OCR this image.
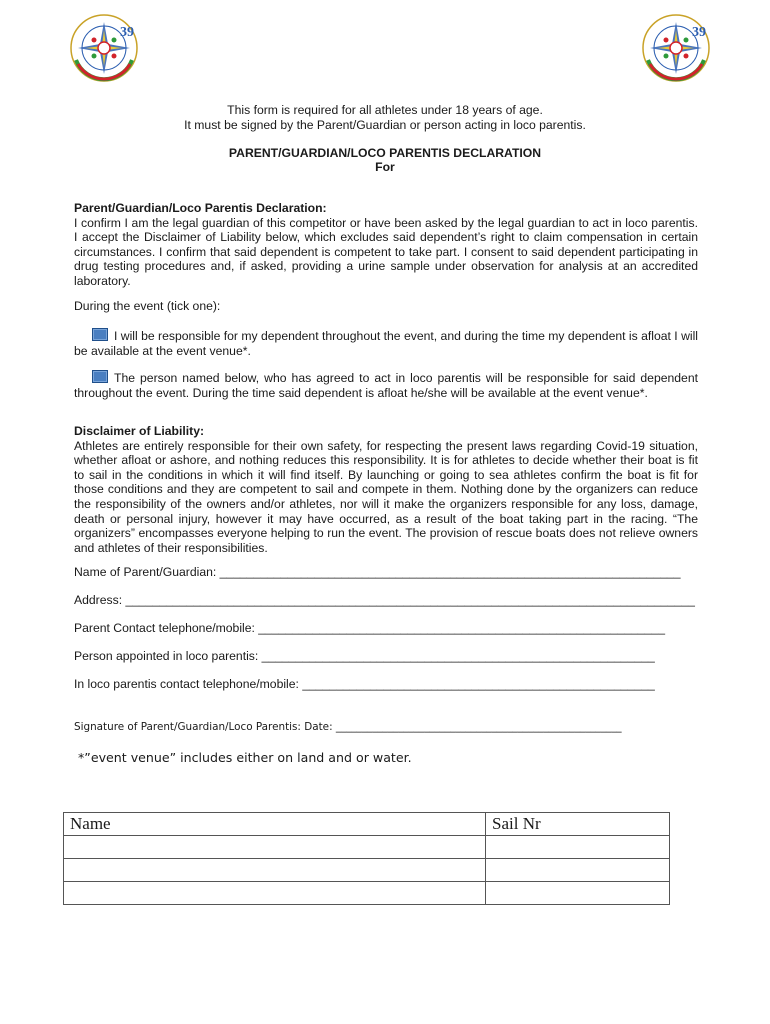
39	39
This form is required for all athletes under 18 years of age.
It must be signed by the Parent/Guardian or person acting in loco parentis.
PARENT/GUARDIAN/LOCO PARENTIS DECLARATION
For
Parent/Guardian/Loco Parentis Declaration:
I confirm I am the legal guardian of this competitor or have been asked by the legal guardian to act in loco parentis. I accept the Disclaimer of Liability below, which excludes said dependent’s right to claim compensation in certain circumstances. I confirm that said dependent is competent to take part. I consent to said dependent participating in drug testing procedures and, if asked, providing a urine sample under observation for analysis at an accredited laboratory.
During the event (tick one):
I will be responsible for my dependent throughout the event, and during the time my dependent is afloat I will be available at the event venue*.
The person named below, who has agreed to act in loco parentis will be responsible for said dependent throughout the event. During the time said dependent is afloat he/she will be available at the event venue*.
Disclaimer of Liability:
Athletes are entirely responsible for their own safety, for respecting the present laws regarding Covid-19 situation, whether afloat or ashore, and nothing reduces this responsibility. It is for athletes to decide whether their boat is fit to sail in the conditions in which it will find itself. By launching or going to sea athletes confirm the boat is fit for those conditions and they are competent to sail and compete in them. Nothing done by the organizers can reduce the responsibility of the owners and/or athletes, nor will it make the organizers responsible for any loss, damage, death or personal injury, however it may have occurred, as a result of the boat taking part in the racing. “The organizers” encompasses everyone helping to run the event. The provision of rescue boats does not relieve owners and athletes of their responsibilities.
Name of Parent/Guardian: ____________________________________________________________________
Address: ____________________________________________________________________________________
Parent Contact telephone/mobile: ____________________________________________________________
Person appointed in loco parentis: __________________________________________________________
In loco parentis contact telephone/mobile: ____________________________________________________
Signature of Parent/Guardian/Loco Parentis: Date: _______________________________________________________
*”event venue” includes either on land and or water.
Name	Sail Nr
